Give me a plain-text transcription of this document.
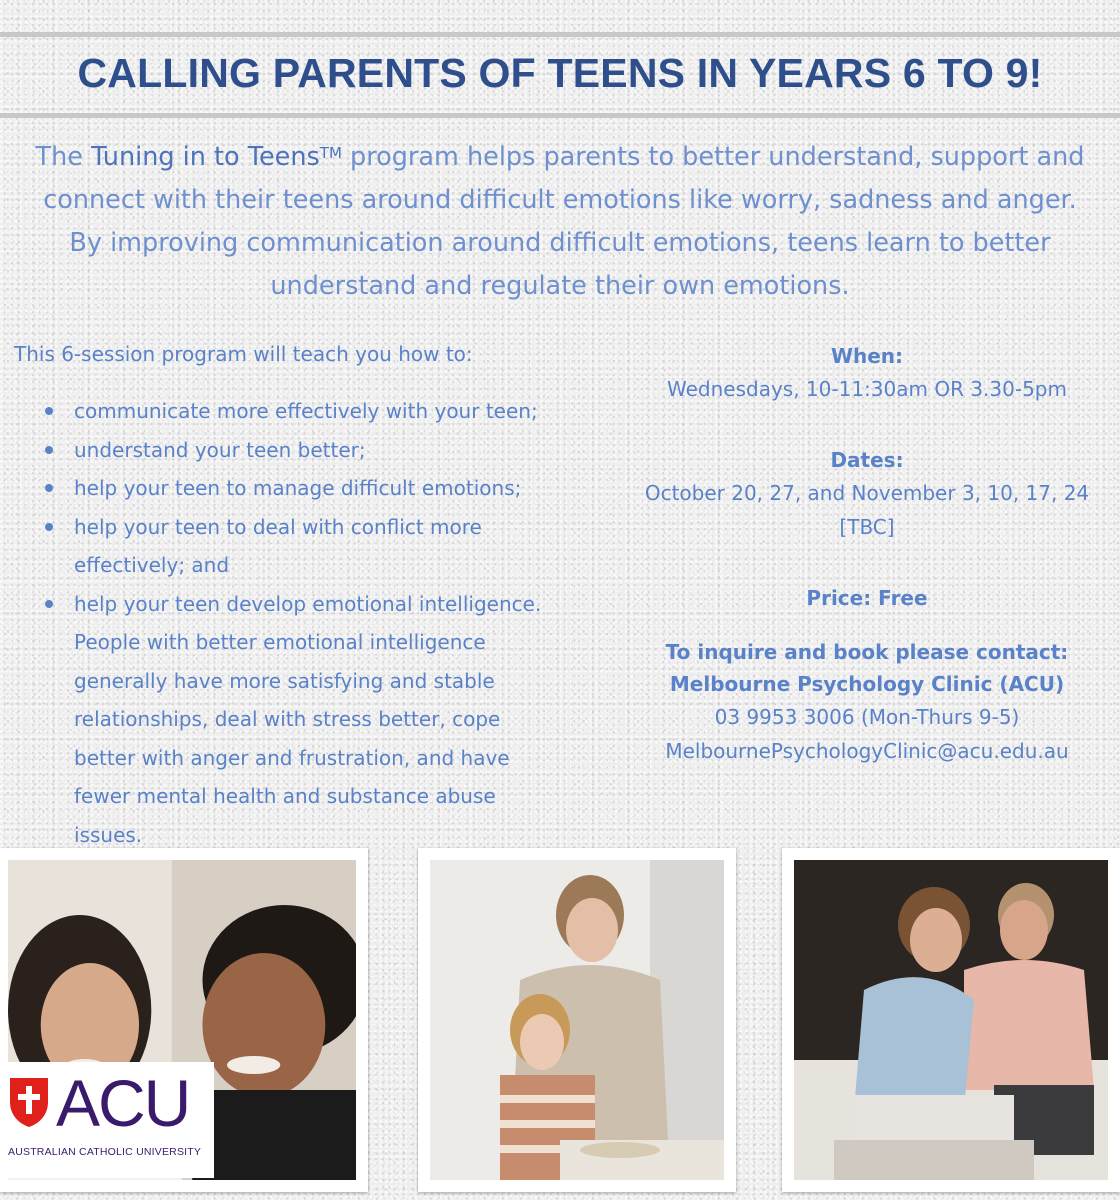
CALLING PARENTS OF TEENS IN YEARS 6 TO 9!

The Tuning in to Teens™ program helps parents to better understand, support and connect with their teens around difficult emotions like worry, sadness and anger. By improving communication around difficult emotions, teens learn to better understand and regulate their own emotions.

This 6-session program will teach you how to:

communicate more effectively with your teen;
understand your teen better;
help your teen to manage difficult emotions;
help your teen to deal with conflict more effectively; and
help your teen develop emotional intelligence. People with better emotional intelligence generally have more satisfying and stable relationships, deal with stress better, cope better with anger and frustration, and have fewer mental health and substance abuse issues.

When:

Wednesdays, 10-11:30am OR 3.30-5pm

Dates:

October 20, 27, and November 3, 10, 17, 24 [TBC]

Price: Free

To inquire and book please contact:

Melbourne Psychology Clinic (ACU)

03 9953 3006 (Mon-Thurs 9-5)

MelbournePsychologyClinic@acu.edu.au

ACU
AUSTRALIAN CATHOLIC UNIVERSITY
